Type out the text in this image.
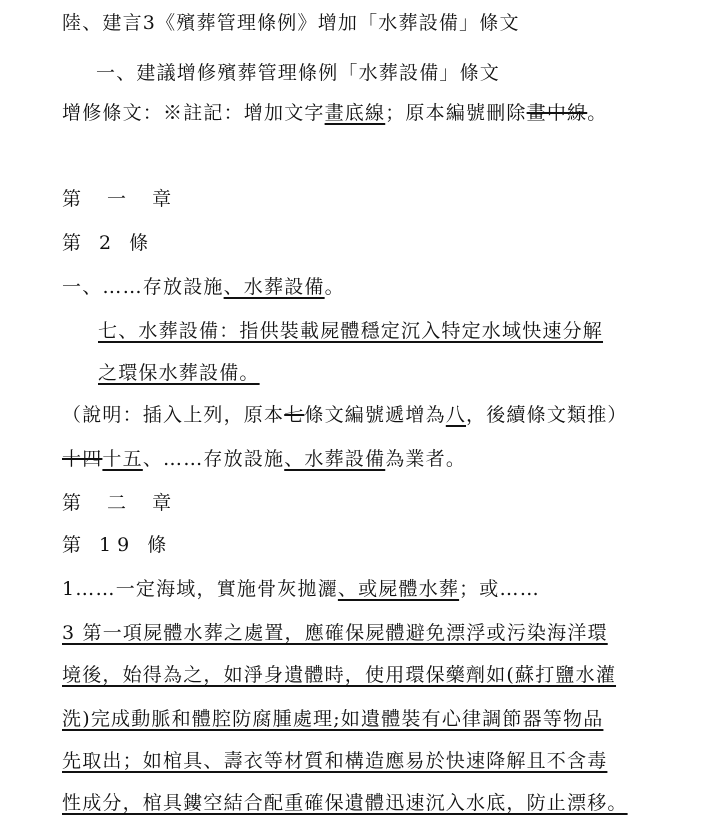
陸、建言3《殯葬管理條例》增加「水葬設備」條文
一、建議增修殯葬管理條例「水葬設備」條文
增修條文：※註記：增加文字畫底線；原本編號刪除畫中線。
第 一 章
第 2 條
一、……存放設施、水葬設備。
七、水葬設備：指供裝載屍體穩定沉入特定水域快速分解
之環保水葬設備。
（說明：插入上列，原本七條文編號遞增為八，後續條文類推）
十四十五、……存放設施、水葬設備為業者。
第 二 章
第 19 條
1……一定海域，實施骨灰拋灑、或屍體水葬；或……
3 第一項屍體水葬之處置，應確保屍體避免漂浮或污染海洋環
境後，始得為之，如淨身遺體時，使用環保藥劑如(蘇打鹽水灌
洗)完成動脈和體腔防腐腫處理;如遺體裝有心律調節器等物品
先取出；如棺具、壽衣等材質和構造應易於快速降解且不含毒
性成分，棺具鏤空結合配重確保遺體迅速沉入水底，防止漂移。
